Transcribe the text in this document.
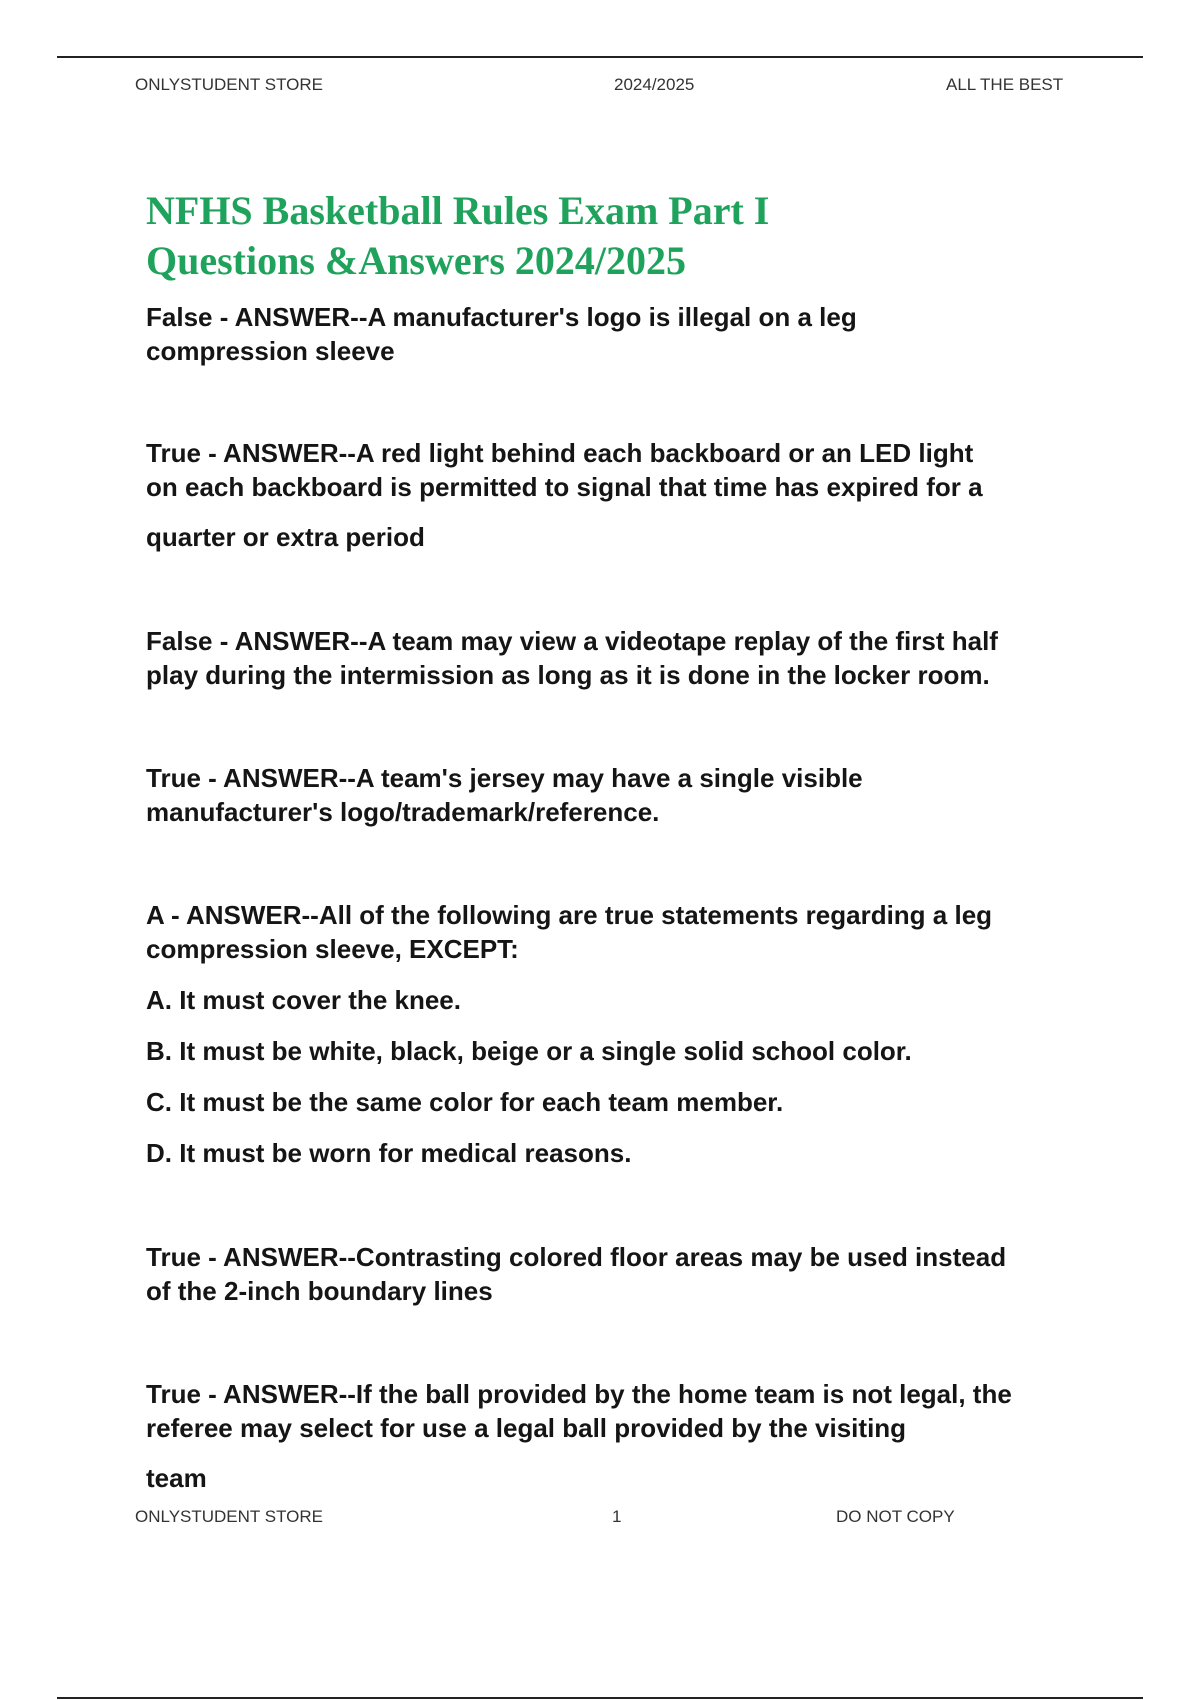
ONLYSTUDENT STORE	2024/2025	ALL THE BEST
NFHS Basketball Rules Exam Part I
Questions &Answers 2024/2025
False - ANSWER--A manufacturer's logo is illegal on a leg
compression sleeve
True - ANSWER--A red light behind each backboard or an LED light
on each backboard is permitted to signal that time has expired for a
quarter or extra period
False - ANSWER--A team may view a videotape replay of the first half
play during the intermission as long as it is done in the locker room.
True - ANSWER--A team's jersey may have a single visible
manufacturer's logo/trademark/reference.
A - ANSWER--All of the following are true statements regarding a leg
compression sleeve, EXCEPT:
A. It must cover the knee.
B. It must be white, black, beige or a single solid school color.
C. It must be the same color for each team member.
D. It must be worn for medical reasons.
True - ANSWER--Contrasting colored floor areas may be used instead
of the 2-inch boundary lines
True - ANSWER--If the ball provided by the home team is not legal, the
referee may select for use a legal ball provided by the visiting
team
ONLYSTUDENT STORE	1	DO NOT COPY
